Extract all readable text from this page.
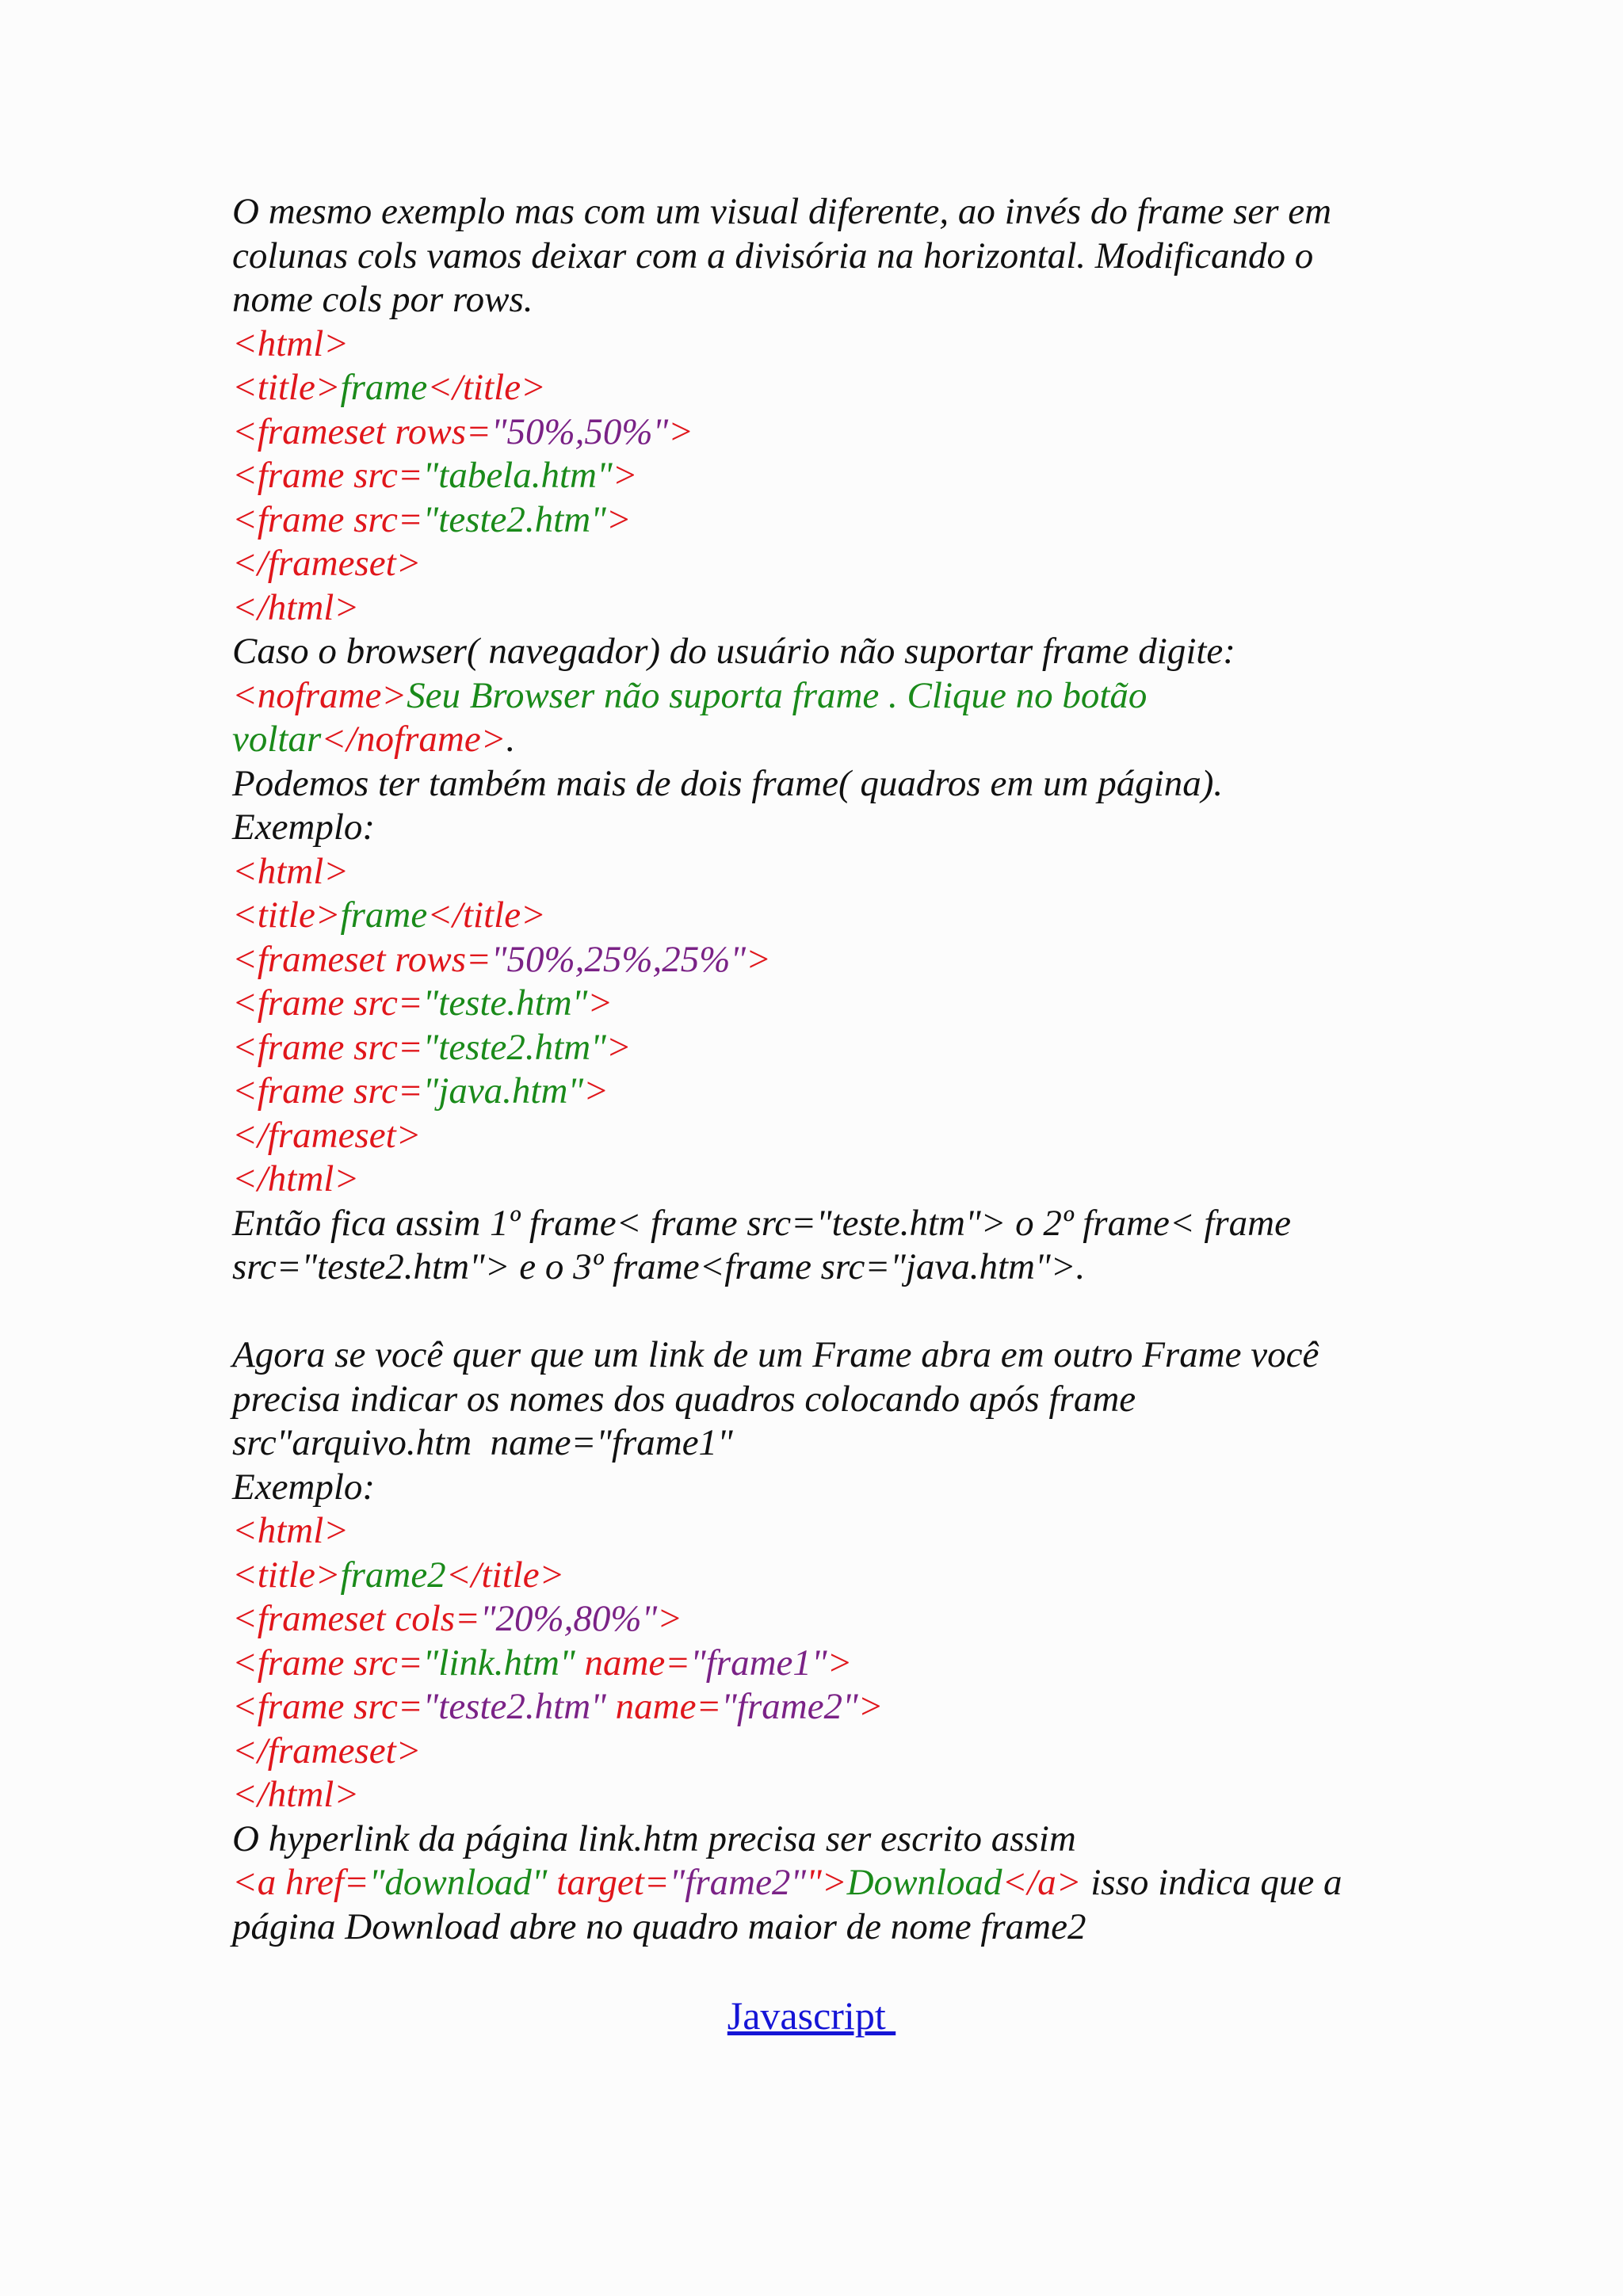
O mesmo exemplo mas com um visual diferente, ao invés do frame ser em
colunas cols vamos deixar com a divisória na horizontal. Modificando o
nome cols por rows.
<html>
<title>frame</title>
<frameset rows="50%,50%">
<frame src="tabela.htm">
<frame src="teste2.htm">
</frameset>
</html>
Caso o browser( navegador) do usuário não suportar frame digite:
<noframe>Seu Browser não suporta frame . Clique no botão
voltar</noframe>.
Podemos ter também mais de dois frame( quadros em um página).
Exemplo:
<html>
<title>frame</title>
<frameset rows="50%,25%,25%">
<frame src="teste.htm">
<frame src="teste2.htm">
<frame src="java.htm">
</frameset>
</html>
Então fica assim 1º frame< frame src="teste.htm"> o 2º frame< frame
src="teste2.htm"> e o 3º frame<frame src="java.htm">.
Agora se você quer que um link de um Frame abra em outro Frame você
precisa indicar os nomes dos quadros colocando após frame
src"arquivo.htm  name="frame1"
Exemplo:
<html>
<title>frame2</title>
<frameset cols="20%,80%">
<frame src="link.htm" name="frame1">
<frame src="teste2.htm" name="frame2">
</frameset>
</html>
O hyperlink da página link.htm precisa ser escrito assim
<a href="download" target="frame2"">Download</a> isso indica que a
página Download abre no quadro maior de nome frame2
Javascript
